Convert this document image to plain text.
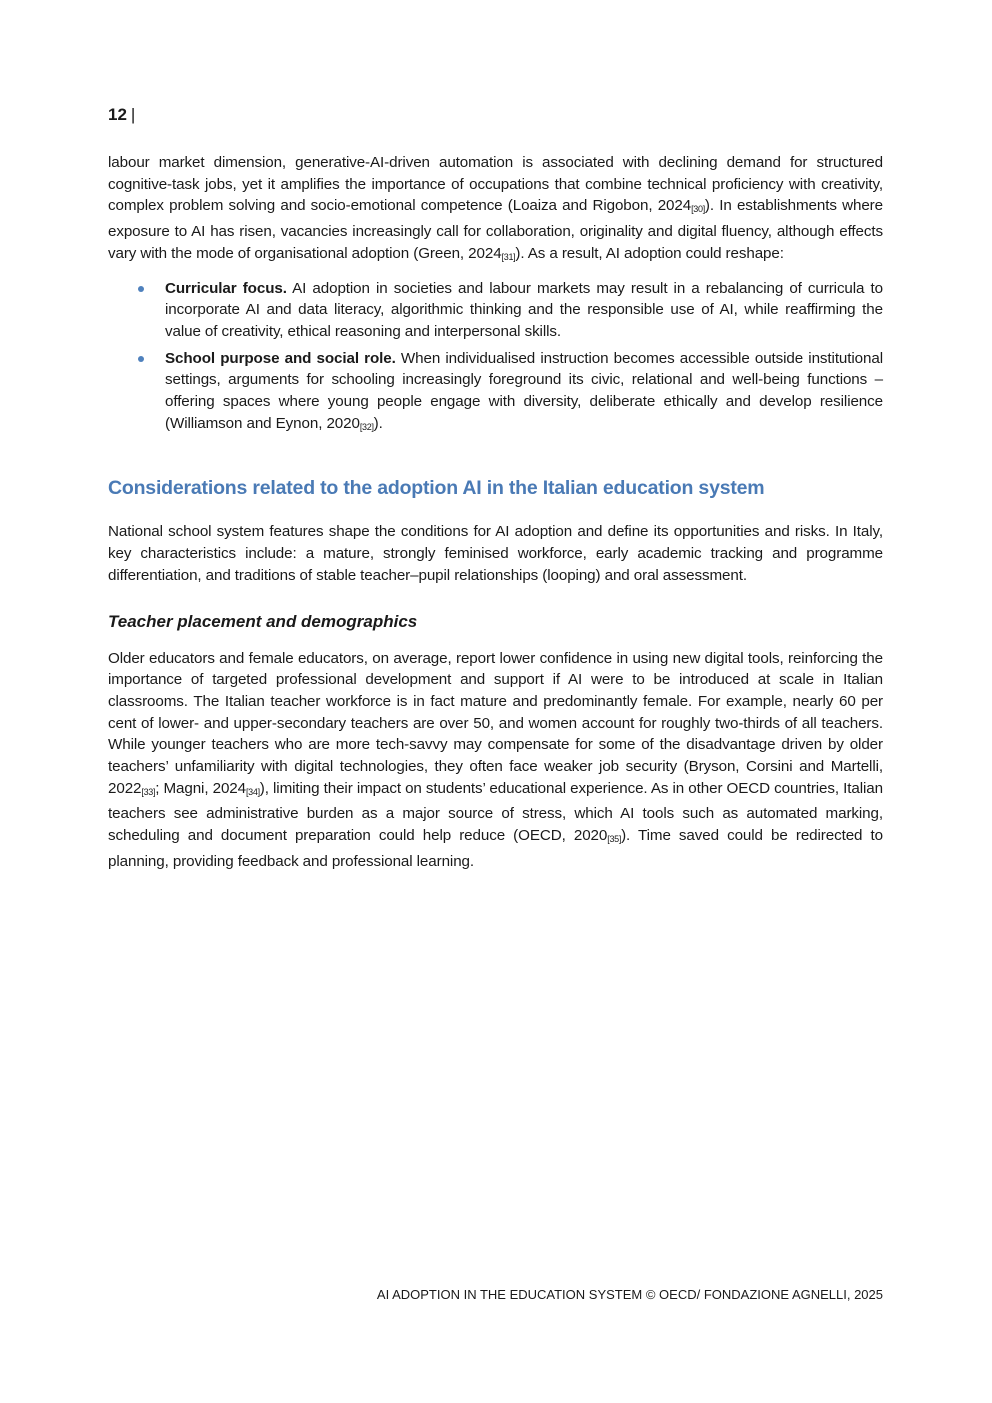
12 |

labour market dimension, generative-AI-driven automation is associated with declining demand for structured cognitive-task jobs, yet it amplifies the importance of occupations that combine technical proficiency with creativity, complex problem solving and socio-emotional competence (Loaiza and Rigobon, $2024_{[30]}$). In establishments where exposure to AI has risen, vacancies increasingly call for collaboration, originality and digital fluency, although effects vary with the mode of organisational adoption (Green, $2024_{[31]}$). As a result, AI adoption could reshape:

Curricular focus. AI adoption in societies and labour markets may result in a rebalancing of curricula to incorporate AI and data literacy, algorithmic thinking and the responsible use of AI, while reaffirming the value of creativity, ethical reasoning and interpersonal skills.

School purpose and social role. When individualised instruction becomes accessible outside institutional settings, arguments for schooling increasingly foreground its civic, relational and well-being functions – offering spaces where young people engage with diversity, deliberate ethically and develop resilience (Williamson and Eynon, $2020_{[32]}$).

Considerations related to the adoption AI in the Italian education system

National school system features shape the conditions for AI adoption and define its opportunities and risks. In Italy, key characteristics include: a mature, strongly feminised workforce, early academic tracking and programme differentiation, and traditions of stable teacher–pupil relationships (looping) and oral assessment.

Teacher placement and demographics

Older educators and female educators, on average, report lower confidence in using new digital tools, reinforcing the importance of targeted professional development and support if AI were to be introduced at scale in Italian classrooms. The Italian teacher workforce is in fact mature and predominantly female. For example, nearly 60 per cent of lower- and upper-secondary teachers are over 50, and women account for roughly two-thirds of all teachers. While younger teachers who are more tech-savvy may compensate for some of the disadvantage driven by older teachers’ unfamiliarity with digital technologies, they often face weaker job security (Bryson, Corsini and Martelli, $2022_{[33]}$; Magni, $2024_{[34]}$), limiting their impact on students’ educational experience. As in other OECD countries, Italian teachers see administrative burden as a major source of stress, which AI tools such as automated marking, scheduling and document preparation could help reduce (OECD, $2020_{[35]}$). Time saved could be redirected to planning, providing feedback and professional learning.

AI ADOPTION IN THE EDUCATION SYSTEM © OECD/ FONDAZIONE AGNELLI, 2025
